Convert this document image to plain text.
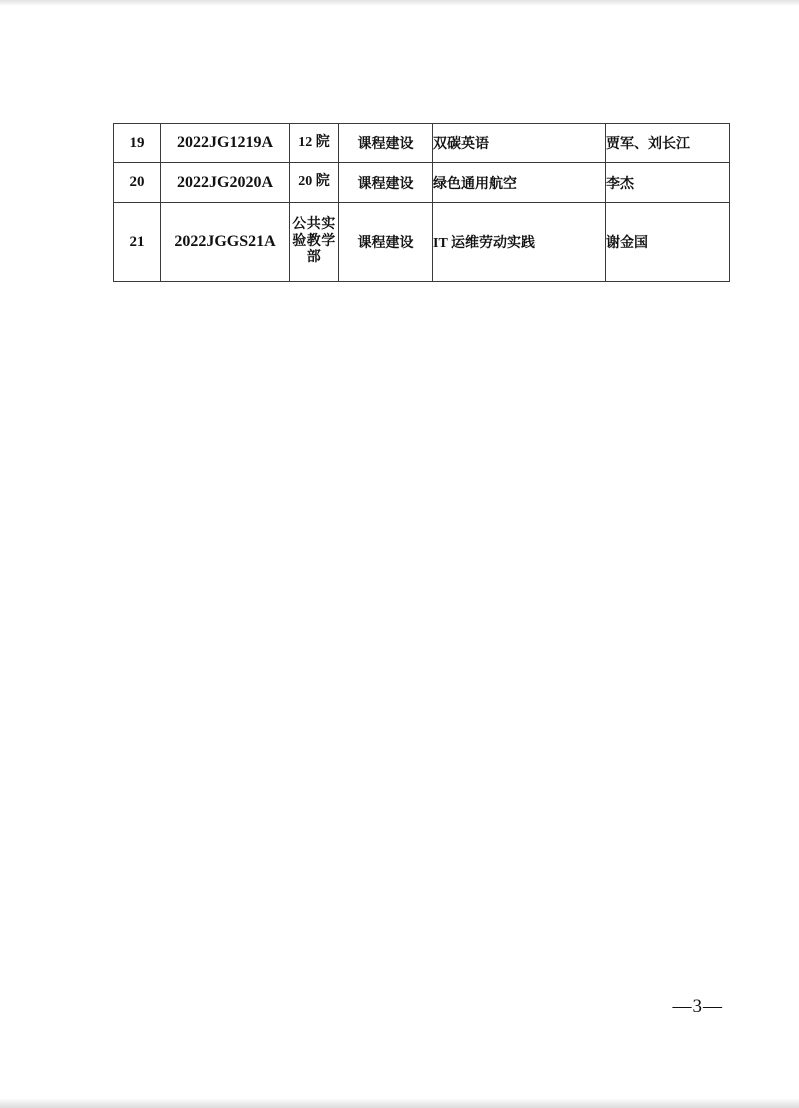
19	2022JG1219A	12 院	课程建设	双碳英语	贾军、刘长江
20	2022JG2020A	20 院	课程建设	绿色通用航空	李杰
21	2022JGGS21A	公共实验教学部	课程建设	IT 运维劳动实践	谢金国
—3—
